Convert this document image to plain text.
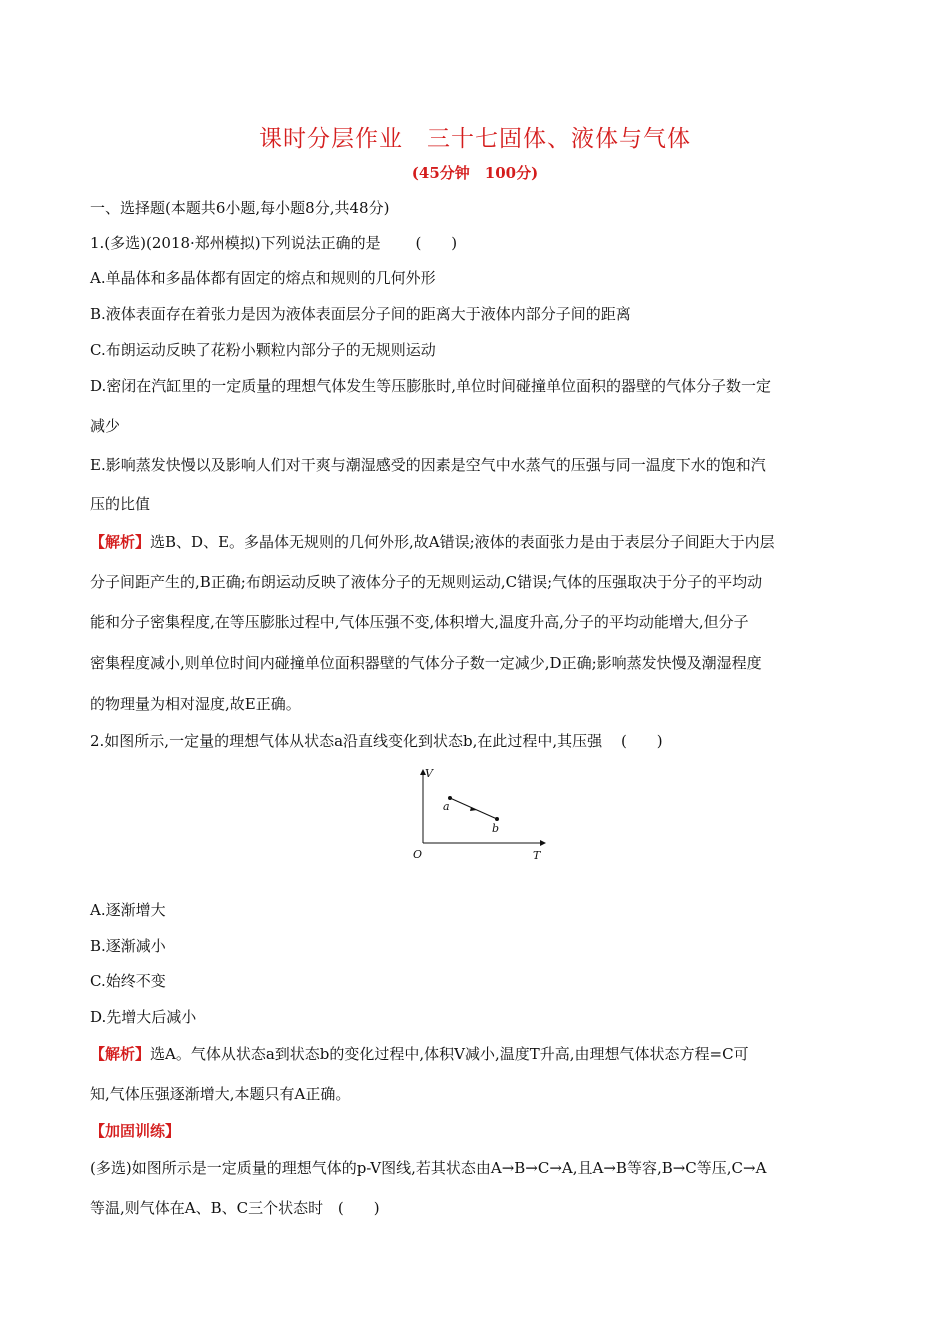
课时分层作业　三十七固体、液体与气体
(45分钟　100分)
一、选择题(本题共6小题,每小题8分,共48分)
1.(多选)(2018·郑州模拟)下列说法正确的是 (　　)
A.单晶体和多晶体都有固定的熔点和规则的几何外形
B.液体表面存在着张力是因为液体表面层分子间的距离大于液体内部分子间的距离
C.布朗运动反映了花粉小颗粒内部分子的无规则运动
D.密闭在汽缸里的一定质量的理想气体发生等压膨胀时,单位时间碰撞单位面积的器壁的气体分子数一定
减少
E.影响蒸发快慢以及影响人们对干爽与潮湿感受的因素是空气中水蒸气的压强与同一温度下水的饱和汽
压的比值
【解析】选B、D、E。多晶体无规则的几何外形,故A错误;液体的表面张力是由于表层分子间距大于内层
分子间距产生的,B正确;布朗运动反映了液体分子的无规则运动,C错误;气体的压强取决于分子的平均动
能和分子密集程度,在等压膨胀过程中,气体压强不变,体积增大,温度升高,分子的平均动能增大,但分子
密集程度减小,则单位时间内碰撞单位面积器壁的气体分子数一定减少,D正确;影响蒸发快慢及潮湿程度
的物理量为相对湿度,故E正确。
2.如图所示,一定量的理想气体从状态a沿直线变化到状态b,在此过程中,其压强 (　　)
V
T
O
a
b
A.逐渐增大
B.逐渐减小
C.始终不变
D.先增大后减小
【解析】选A。气体从状态a到状态b的变化过程中,体积V减小,温度T升高,由理想气体状态方程=C可
知,气体压强逐渐增大,本题只有A正确。
【加固训练】
(多选)如图所示是一定质量的理想气体的p-V图线,若其状态由A→B→C→A,且A→B等容,B→C等压,C→A
等温,则气体在A、B、C三个状态时 (　　)
